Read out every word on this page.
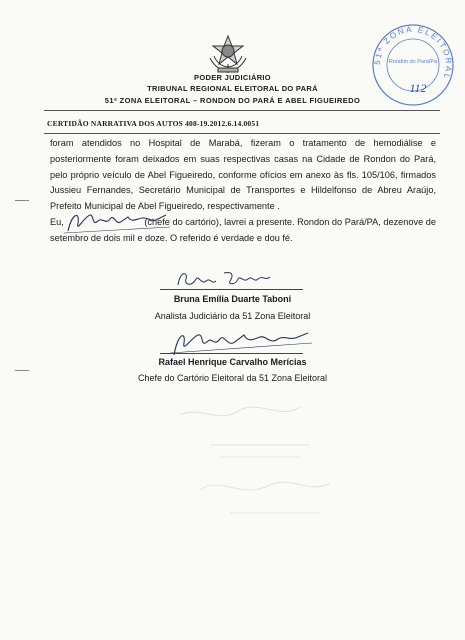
51ª ZONA ELEITORAL
Rondon do Pará/Pa
112
PODER JUDICIÁRIO
TRIBUNAL REGIONAL ELEITORAL DO PARÁ
51ª ZONA ELEITORAL – RONDON DO PARÁ E ABEL FIGUEIREDO
CERTIDÃO NARRATIVA DOS AUTOS 408-19.2012.6.14.0051

foram atendidos no Hospital de Marabá, fizeram o tratamento de hemodiálise e posteriormente foram deixados em suas respectivas casas na Cidade de Rondon do Pará, pelo próprio veículo de Abel Figueiredo, conforme ofícios em anexo às fls. 105/106, firmados Jussieu Fernandes, Secretário Municipal de Transportes e Hildelfonso de Abreu Araújo, Prefeito Municipal de Abel Figueiredo, respectivamente .

Eu,	(chefe do cartório), lavrei a presente. Rondon do Pará/PA, dezenove de setembro de dois mil e doze. O referido é verdade e dou fé.

Bruna Emília Duarte Taboni
Analista Judiciário da 51 Zona Eleitoral
Rafael Henrique Carvalho Merícias
Chefe do Cartório Eleitoral da 51 Zona Eleitoral
